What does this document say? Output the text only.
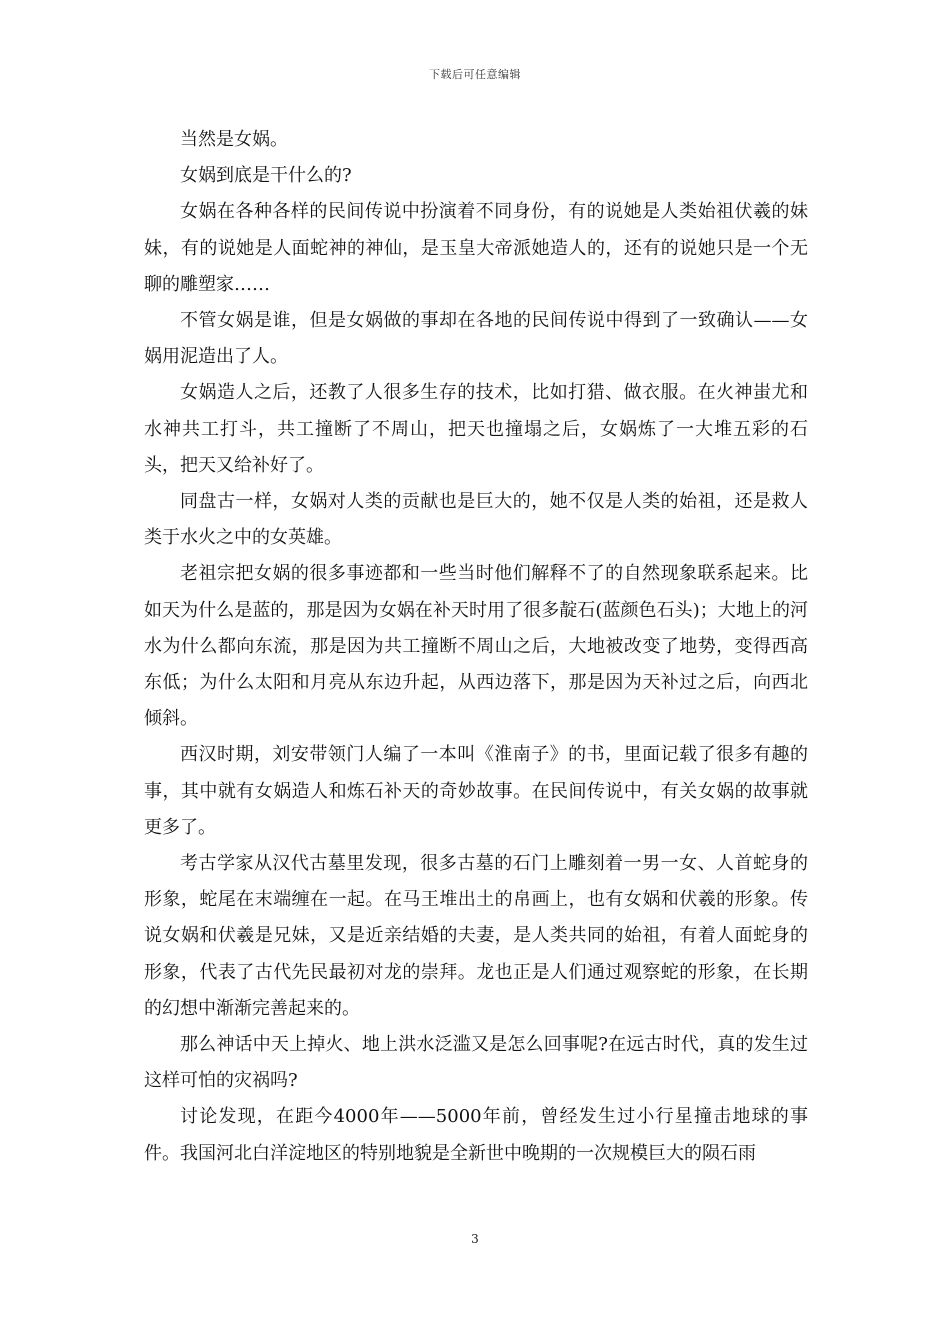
下载后可任意编辑

当然是女娲。

女娲到底是干什么的?

女娲在各种各样的民间传说中扮演着不同身份，有的说她是人类始祖伏羲的妹妹，有的说她是人面蛇神的神仙，是玉皇大帝派她造人的，还有的说她只是一个无聊的雕塑家……

不管女娲是谁，但是女娲做的事却在各地的民间传说中得到了一致确认——女娲用泥造出了人。

女娲造人之后，还教了人很多生存的技术，比如打猎、做衣服。在火神蚩尤和水神共工打斗，共工撞断了不周山，把天也撞塌之后，女娲炼了一大堆五彩的石头，把天又给补好了。

同盘古一样，女娲对人类的贡献也是巨大的，她不仅是人类的始祖，还是救人类于水火之中的女英雄。

老祖宗把女娲的很多事迹都和一些当时他们解释不了的自然现象联系起来。比如天为什么是蓝的，那是因为女娲在补天时用了很多靛石(蓝颜色石头)；大地上的河水为什么都向东流，那是因为共工撞断不周山之后，大地被改变了地势，变得西高东低；为什么太阳和月亮从东边升起，从西边落下，那是因为天补过之后，向西北倾斜。

西汉时期，刘安带领门人编了一本叫《淮南子》的书，里面记载了很多有趣的事，其中就有女娲造人和炼石补天的奇妙故事。在民间传说中，有关女娲的故事就更多了。

考古学家从汉代古墓里发现，很多古墓的石门上雕刻着一男一女、人首蛇身的形象，蛇尾在末端缠在一起。在马王堆出土的帛画上，也有女娲和伏羲的形象。传说女娲和伏羲是兄妹，又是近亲结婚的夫妻，是人类共同的始祖，有着人面蛇身的形象，代表了古代先民最初对龙的崇拜。龙也正是人们通过观察蛇的形象，在长期的幻想中渐渐完善起来的。

那么神话中天上掉火、地上洪水泛滥又是怎么回事呢?在远古时代，真的发生过这样可怕的灾祸吗?

讨论发现，在距今4000年——5000年前，曾经发生过小行星撞击地球的事件。我国河北白洋淀地区的特别地貌是全新世中晚期的一次规模巨大的陨石雨

3
